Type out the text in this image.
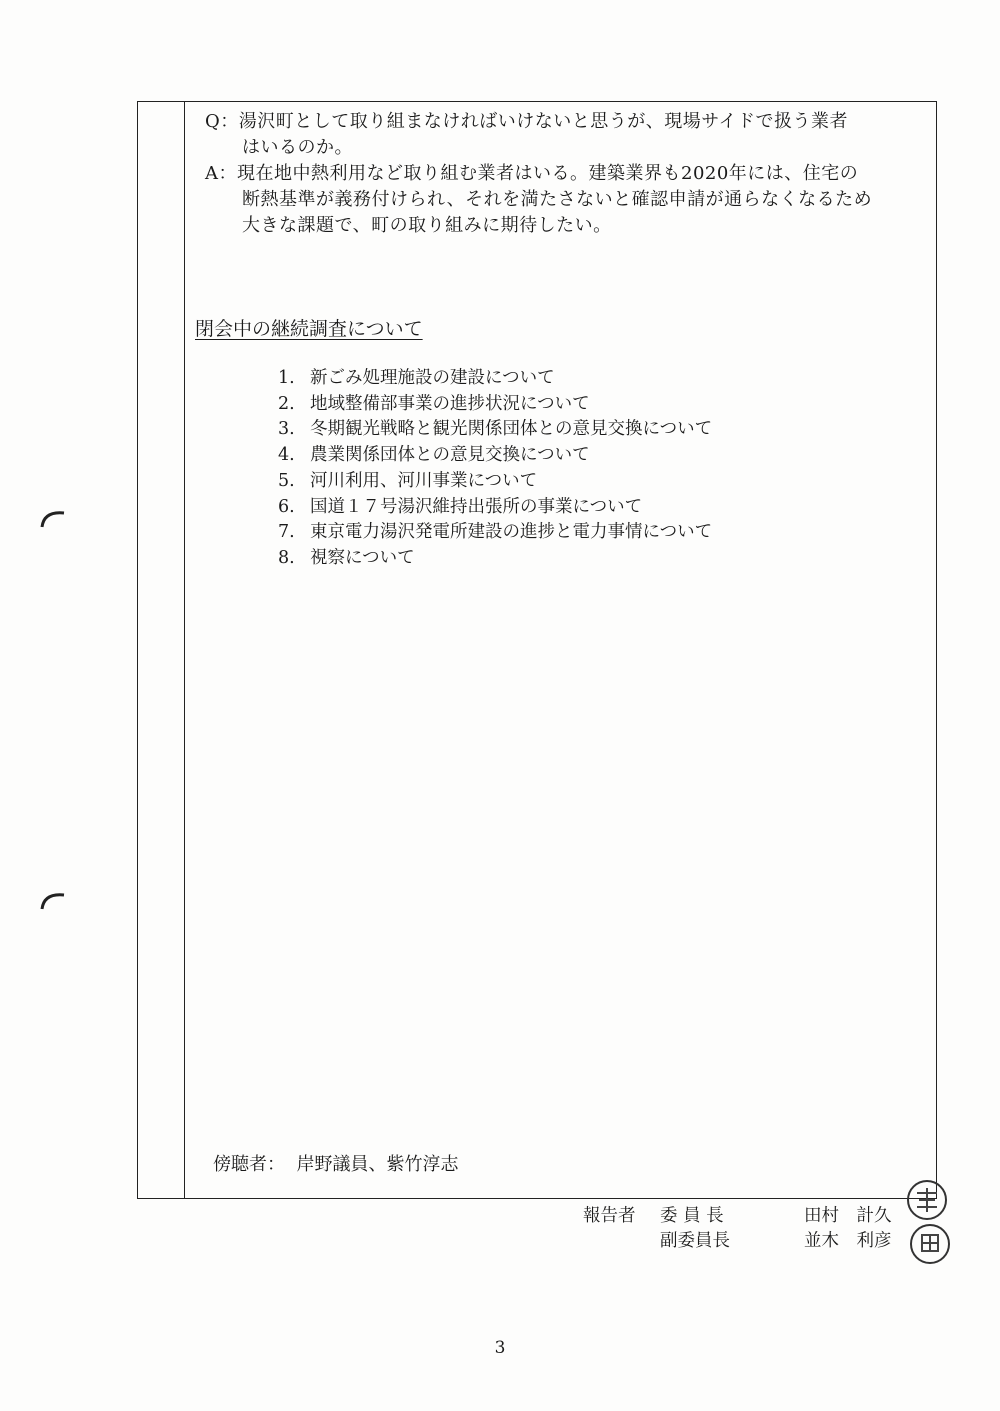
Q：湯沢町として取り組まなければいけないと思うが、現場サイドで扱う業者
はいるのか。
A：現在地中熱利用など取り組む業者はいる。建築業界も2020年には、住宅の
断熱基準が義務付けられ、それを満たさないと確認申請が通らなくなるため
大きな課題で、町の取り組みに期待したい。
閉会中の継続調査について
1. 新ごみ処理施設の建設について
2. 地域整備部事業の進捗状況について
3. 冬期観光戦略と観光関係団体との意見交換について
4. 農業関係団体との意見交換について
5. 河川利用、河川事業について
6. 国道１７号湯沢維持出張所の事業について
7. 東京電力湯沢発電所建設の進捗と電力事情について
8. 視察について
傍聴者： 岸野議員、紫竹淳志
報告者 委 員 長	田村　計久
副委員長	並木　利彦
3
